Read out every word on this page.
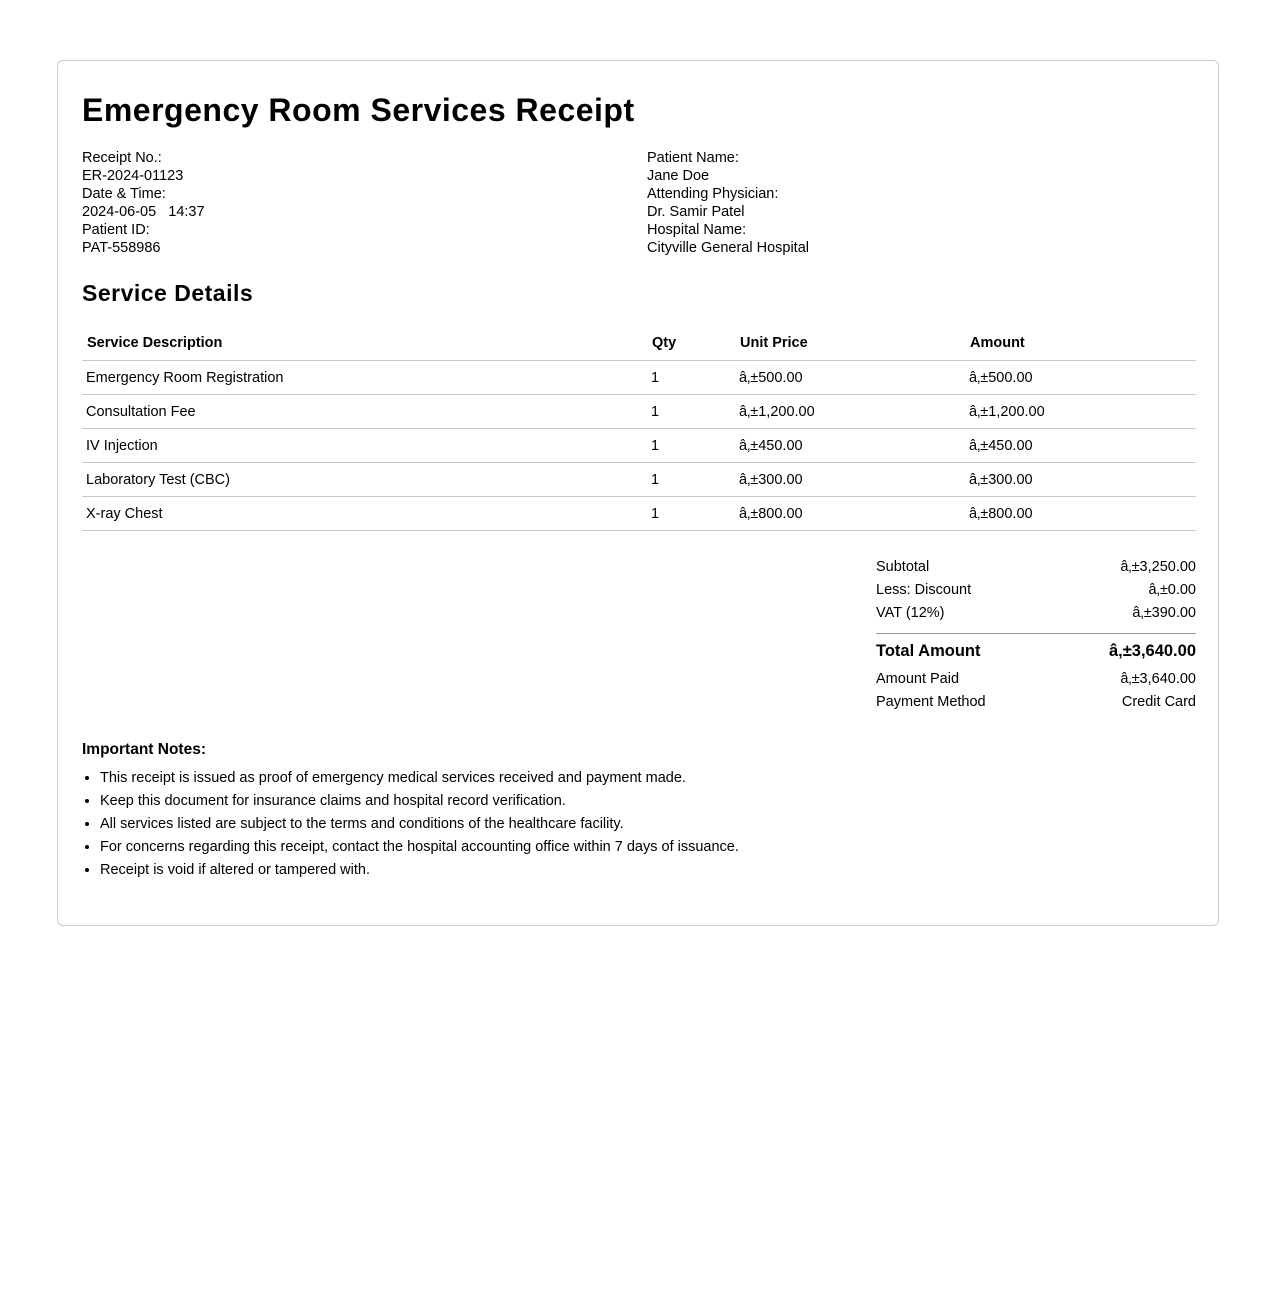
Emergency Room Services Receipt
Receipt No.:
ER-2024-01123
Date & Time:
2024-06-05   14:37
Patient ID:
PAT-558986
Patient Name:
Jane Doe
Attending Physician:
Dr. Samir Patel
Hospital Name:
Cityville General Hospital
Service Details
Service Description	Qty	Unit Price	Amount
Emergency Room Registration	1	â‚±500.00	â‚±500.00
Consultation Fee	1	â‚±1,200.00	â‚±1,200.00
IV Injection	1	â‚±450.00	â‚±450.00
Laboratory Test (CBC)	1	â‚±300.00	â‚±300.00
X-ray Chest	1	â‚±800.00	â‚±800.00
Subtotal	â‚±3,250.00
Less: Discount	â‚±0.00
VAT (12%)	â‚±390.00
Total Amount	â‚±3,640.00
Amount Paid	â‚±3,640.00
Payment Method	Credit Card
Important Notes:
• This receipt is issued as proof of emergency medical services received and payment made.
• Keep this document for insurance claims and hospital record verification.
• All services listed are subject to the terms and conditions of the healthcare facility.
• For concerns regarding this receipt, contact the hospital accounting office within 7 days of issuance.
• Receipt is void if altered or tampered with.
